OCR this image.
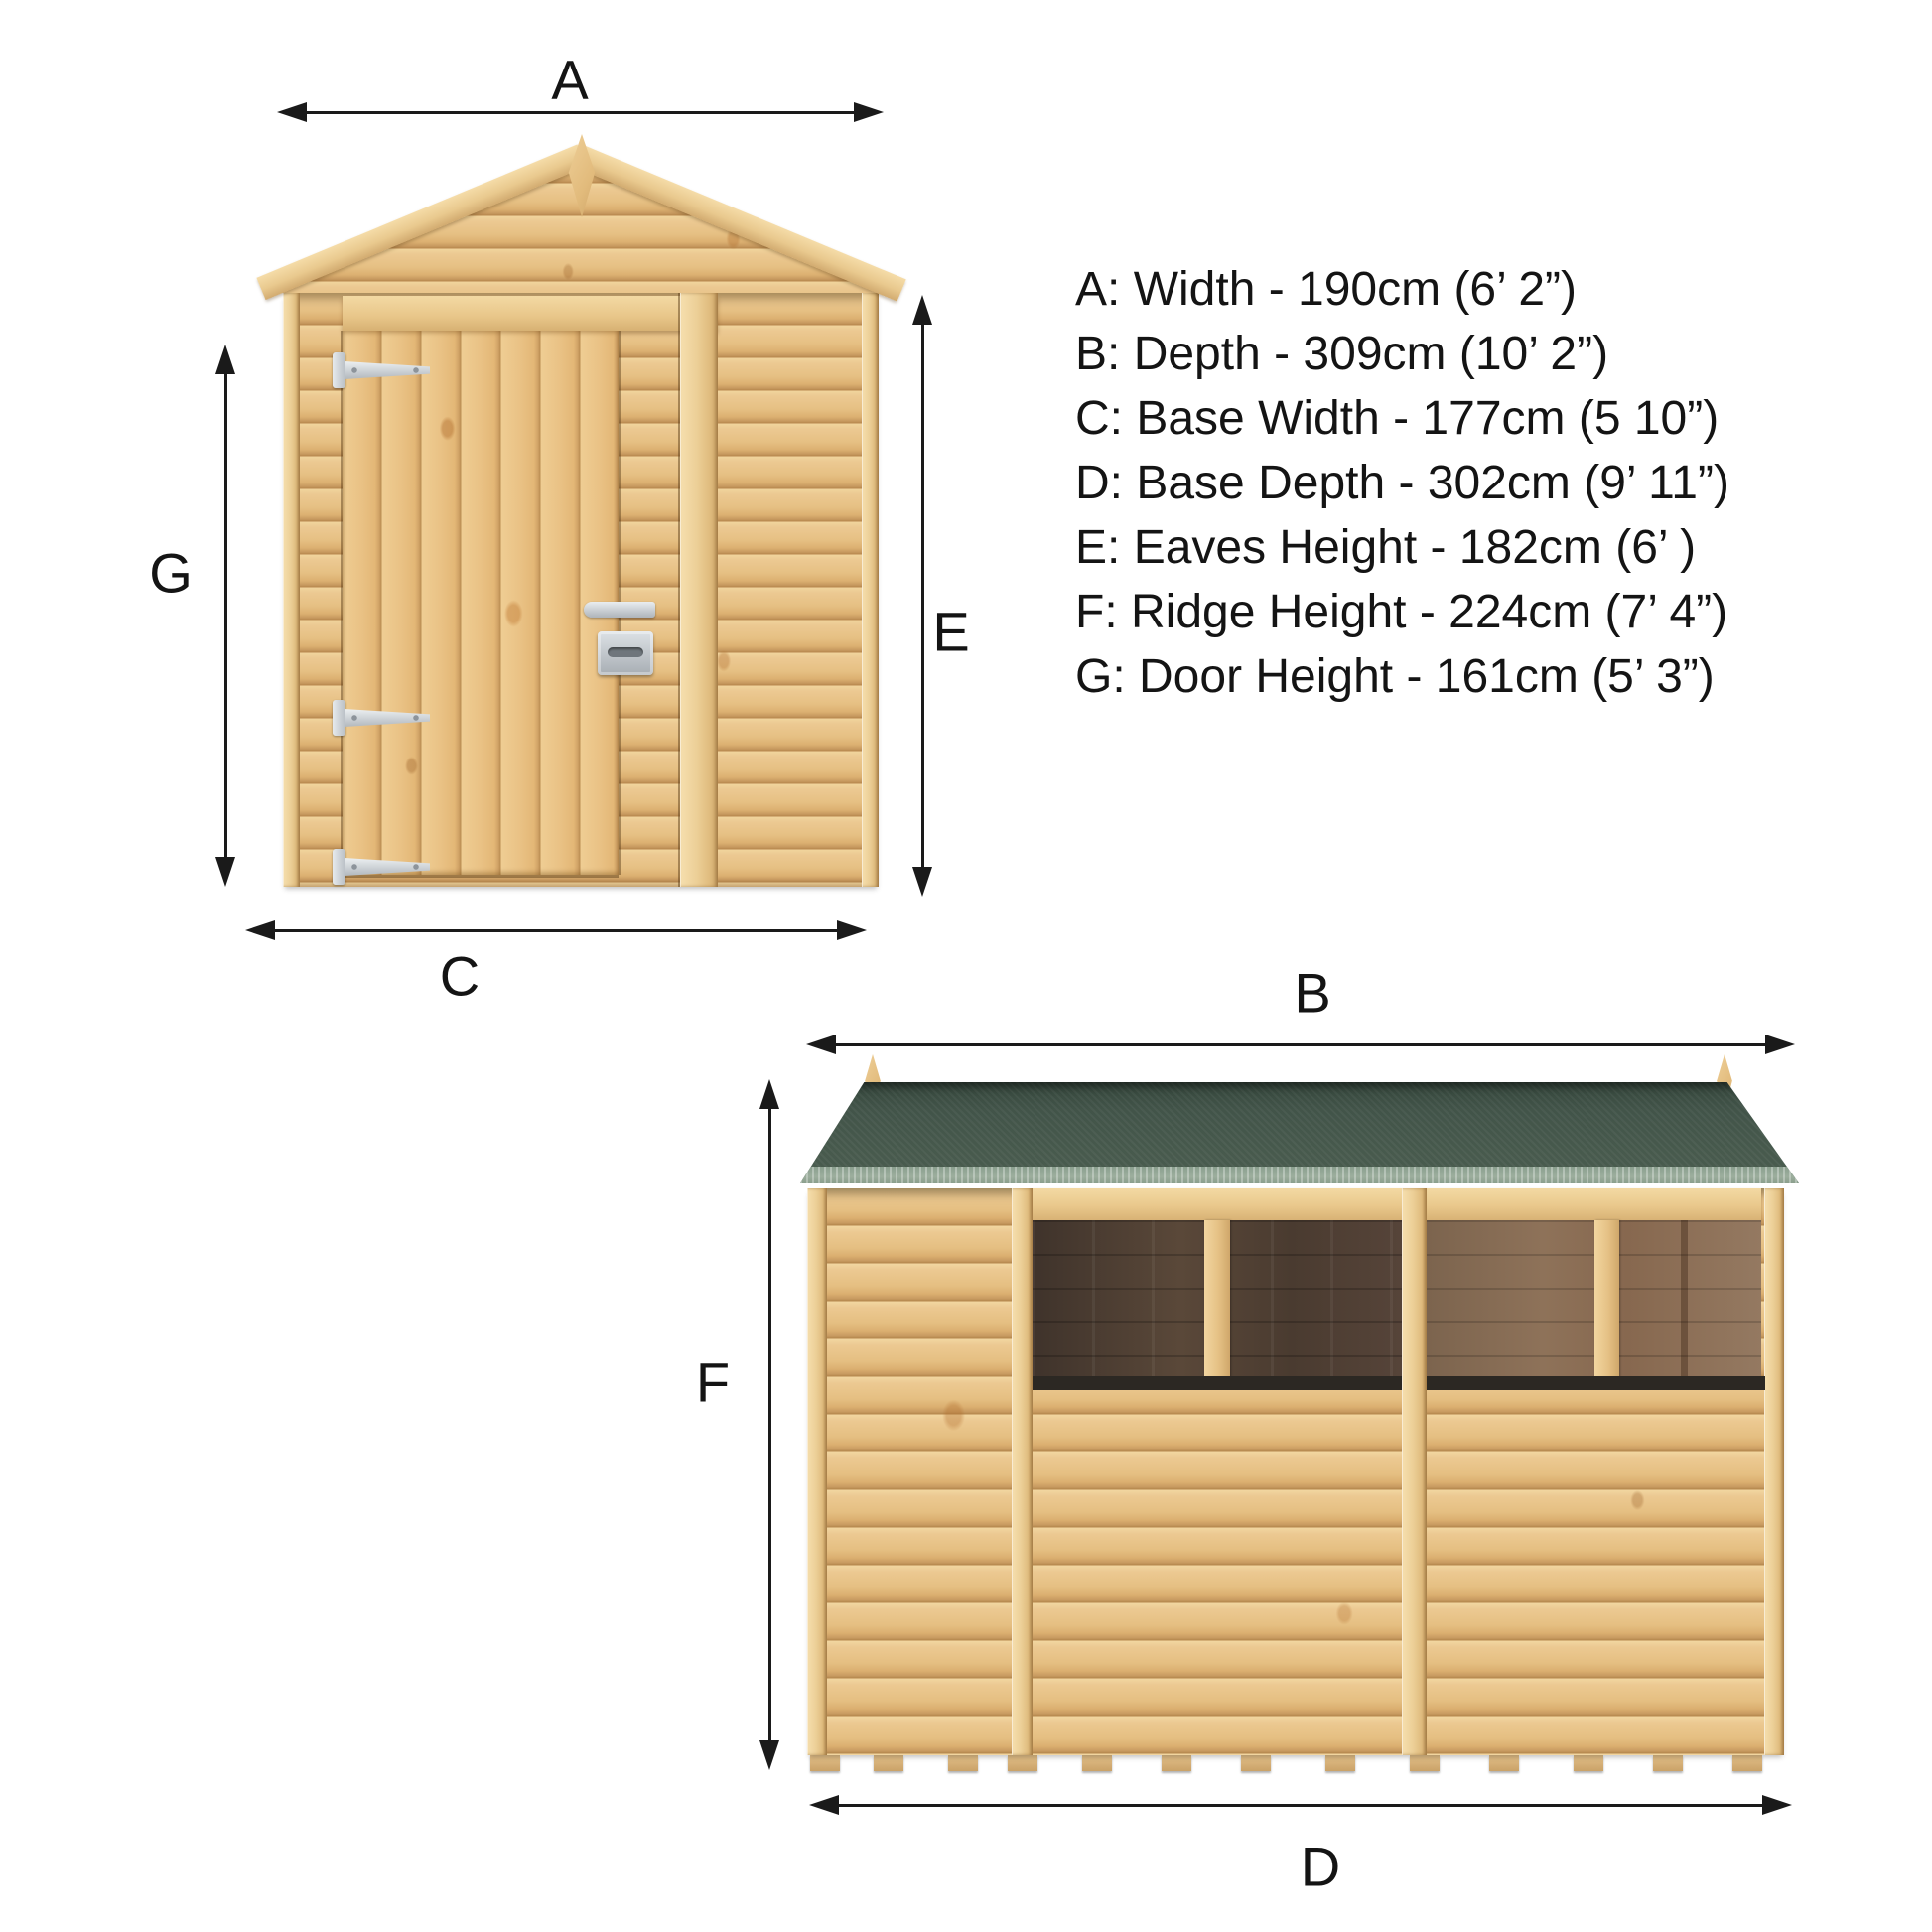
A
G
E
C
A: Width - 190cm (6’ 2”)
B: Depth - 309cm (10’ 2”)
C: Base Width - 177cm (5 10”)
D: Base Depth - 302cm (9’ 11”)
E: Eaves Height - 182cm (6’ )
F: Ridge Height - 224cm (7’ 4”)
G: Door Height - 161cm (5’ 3”)
B
F
D
